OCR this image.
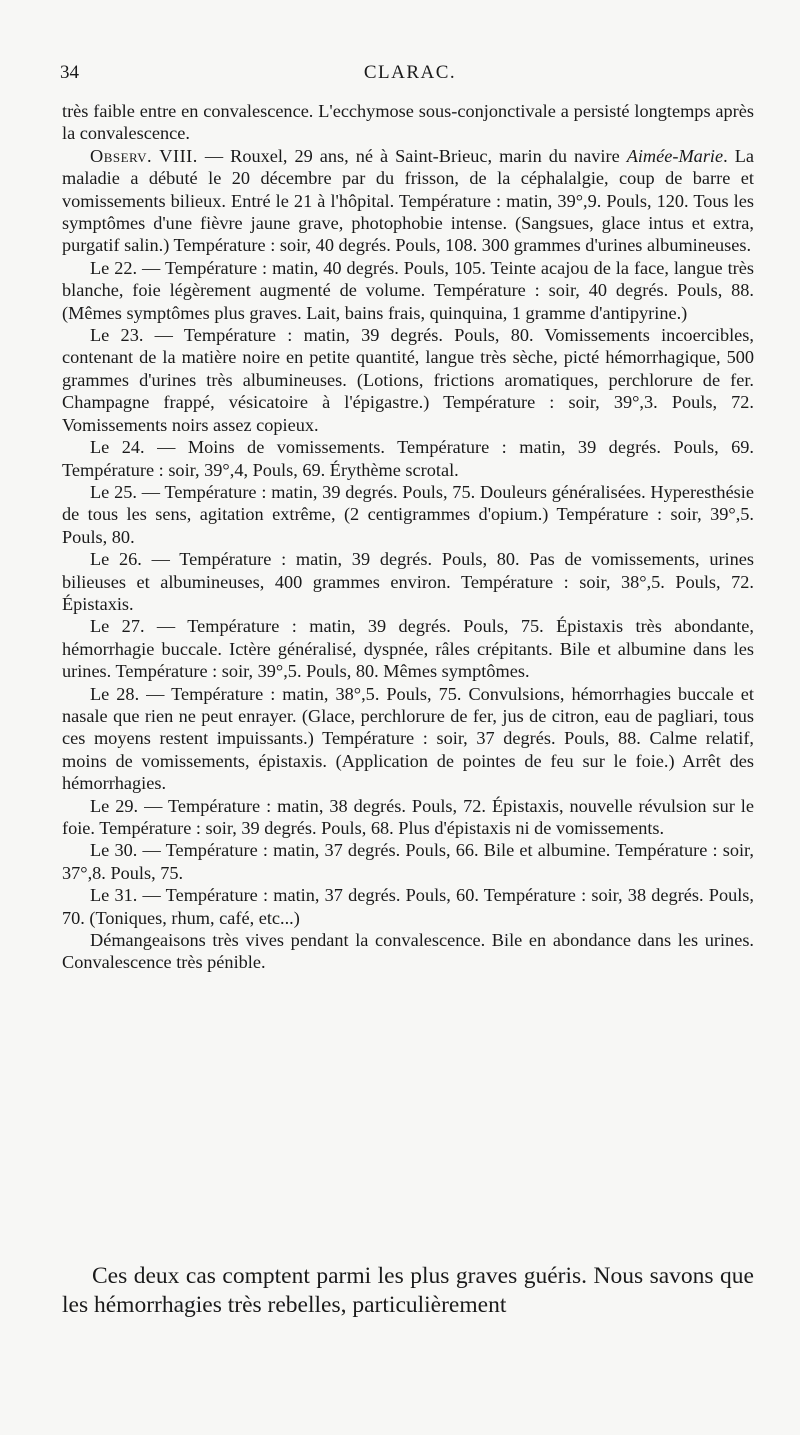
34	CLARAC.

très faible entre en convalescence. L'ecchymose sous-conjonctivale a persisté longtemps après la convalescence.

Observ. VIII. — Rouxel, 29 ans, né à Saint-Brieuc, marin du navire Aimée-Marie. La maladie a débuté le 20 décembre par du frisson, de la céphalalgie, coup de barre et vomissements bilieux. Entré le 21 à l'hôpital. Température : matin, 39°,9. Pouls, 120. Tous les symptômes d'une fièvre jaune grave, photophobie intense. (Sangsues, glace intus et extra, purgatif salin.) Température : soir, 40 degrés. Pouls, 108. 300 grammes d'urines albumineuses.

Le 22. — Température : matin, 40 degrés. Pouls, 105. Teinte acajou de la face, langue très blanche, foie légèrement augmenté de volume. Température : soir, 40 degrés. Pouls, 88. (Mêmes symptômes plus graves. Lait, bains frais, quinquina, 1 gramme d'antipyrine.)

Le 23. — Température : matin, 39 degrés. Pouls, 80. Vomissements incoercibles, contenant de la matière noire en petite quantité, langue très sèche, picté hémorrhagique, 500 grammes d'urines très albumineuses. (Lotions, frictions aromatiques, perchlorure de fer. Champagne frappé, vésicatoire à l'épigastre.) Température : soir, 39°,3. Pouls, 72. Vomissements noirs assez copieux.

Le 24. — Moins de vomissements. Température : matin, 39 degrés. Pouls, 69. Température : soir, 39°,4, Pouls, 69. Érythème scrotal.

Le 25. — Température : matin, 39 degrés. Pouls, 75. Douleurs généralisées. Hyperesthésie de tous les sens, agitation extrême, (2 centigrammes d'opium.) Température : soir, 39°,5. Pouls, 80.

Le 26. — Température : matin, 39 degrés. Pouls, 80. Pas de vomissements, urines bilieuses et albumineuses, 400 grammes environ. Température : soir, 38°,5. Pouls, 72. Épistaxis.

Le 27. — Température : matin, 39 degrés. Pouls, 75. Épistaxis très abondante, hémorrhagie buccale. Ictère généralisé, dyspnée, râles crépitants. Bile et albumine dans les urines. Température : soir, 39°,5. Pouls, 80. Mêmes symptômes.

Le 28. — Température : matin, 38°,5. Pouls, 75. Convulsions, hémorrhagies buccale et nasale que rien ne peut enrayer. (Glace, perchlorure de fer, jus de citron, eau de pagliari, tous ces moyens restent impuissants.) Température : soir, 37 degrés. Pouls, 88. Calme relatif, moins de vomissements, épistaxis. (Application de pointes de feu sur le foie.) Arrêt des hémorrhagies.

Le 29. — Température : matin, 38 degrés. Pouls, 72. Épistaxis, nouvelle révulsion sur le foie. Température : soir, 39 degrés. Pouls, 68. Plus d'épistaxis ni de vomissements.

Le 30. — Température : matin, 37 degrés. Pouls, 66. Bile et albumine. Température : soir, 37°,8. Pouls, 75.

Le 31. — Température : matin, 37 degrés. Pouls, 60. Température : soir, 38 degrés. Pouls, 70. (Toniques, rhum, café, etc...)

Démangeaisons très vives pendant la convalescence. Bile en abondance dans les urines. Convalescence très pénible.

Ces deux cas comptent parmi les plus graves guéris. Nous savons que les hémorrhagies très rebelles, particulièrement
